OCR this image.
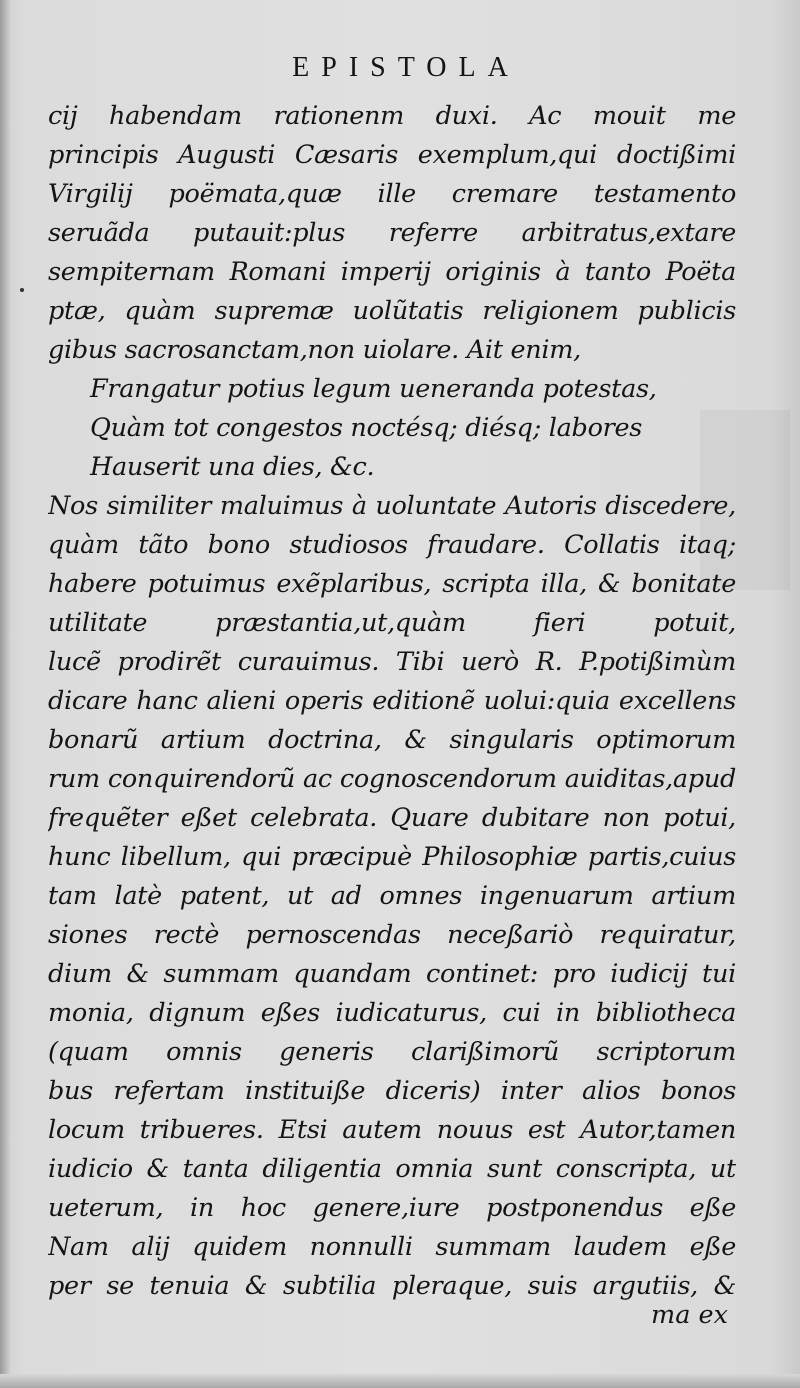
EPISTOLA
cij habendam rationenm duxi. Ac mouit me
principis Augusti Cæsaris exemplum,qui doctißimi
Virgilij poëmata,quæ ille cremare testamento
seruãda putauit:plus referre arbitratus,extare
sempiternam Romani imperij originis à tanto Poëta
ptæ, quàm supremæ uolũtatis religionem publicis
gibus sacrosanctam,non uiolare. Ait enim,
Frangatur potius legum ueneranda potestas,
Quàm tot congestos noctésq; diésq; labores
Hauserit una dies, &c.
Nos similiter maluimus à uoluntate Autoris discedere,
quàm tãto bono studiosos fraudare. Collatis itaq;
habere potuimus exẽplaribus, scripta illa, & bonitate
utilitate præstantia,ut,quàm fieri potuit,
lucẽ prodirẽt curauimus. Tibi uerò R. P.potißimùm
dicare hanc alieni operis editionẽ uolui:quia excellens
bonarũ artium doctrina, & singularis optimorum
rum conquirendorũ ac cognoscendorum auiditas,apud
frequẽter eßet celebrata. Quare dubitare non potui,
hunc libellum, qui præcipuè Philosophiæ partis,cuius
tam latè patent, ut ad omnes ingenuarum artium
siones rectè pernoscendas neceßariò requiratur,
dium & summam quandam continet: pro iudicij tui
monia, dignum eßes iudicaturus, cui in bibliotheca
(quam omnis generis clarißimorũ scriptorum
bus refertam instituiße diceris) inter alios bonos
locum tribueres. Etsi autem nouus est Autor,tamen
iudicio & tanta diligentia omnia sunt conscripta, ut
ueterum, in hoc genere,iure postponendus eße
Nam alij quidem nonnulli summam laudem eße
per se tenuia & subtilia pleraque, suis argutiis, &
ma ex
